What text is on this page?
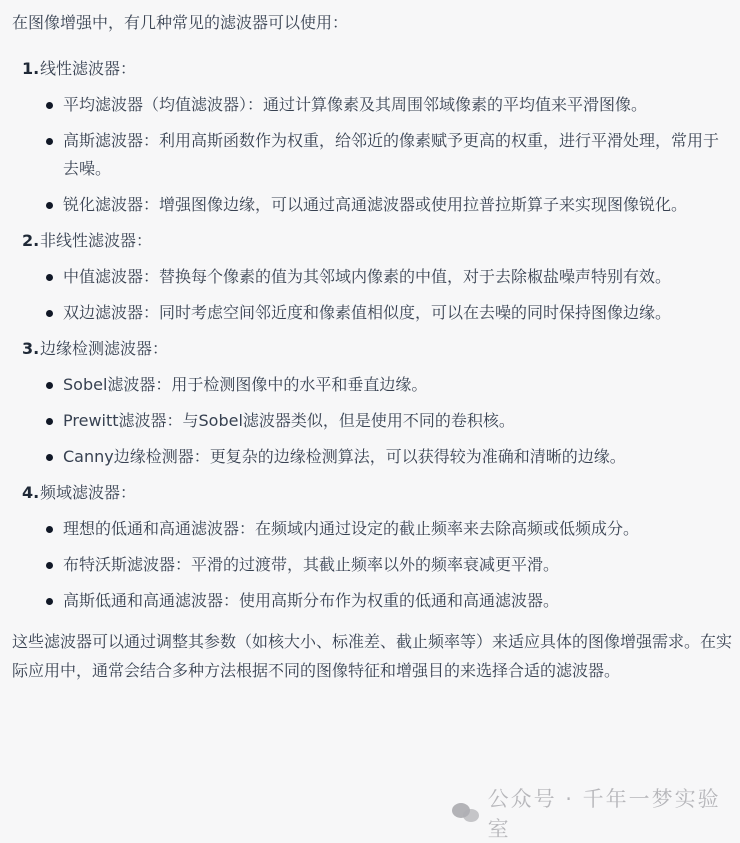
在图像增强中，有几种常见的滤波器可以使用：

1. 线性滤波器：
平均滤波器（均值滤波器）：通过计算像素及其周围邻域像素的平均值来平滑图像。
高斯滤波器：利用高斯函数作为权重，给邻近的像素赋予更高的权重，进行平滑处理，常用于去噪。
锐化滤波器：增强图像边缘，可以通过高通滤波器或使用拉普拉斯算子来实现图像锐化。
2. 非线性滤波器：
中值滤波器：替换每个像素的值为其邻域内像素的中值，对于去除椒盐噪声特别有效。
双边滤波器：同时考虑空间邻近度和像素值相似度，可以在去噪的同时保持图像边缘。
3. 边缘检测滤波器：
Sobel滤波器：用于检测图像中的水平和垂直边缘。
Prewitt滤波器：与Sobel滤波器类似，但是使用不同的卷积核。
Canny边缘检测器：更复杂的边缘检测算法，可以获得较为准确和清晰的边缘。
4. 频域滤波器：
理想的低通和高通滤波器：在频域内通过设定的截止频率来去除高频或低频成分。
布特沃斯滤波器：平滑的过渡带，其截止频率以外的频率衰减更平滑。
高斯低通和高通滤波器：使用高斯分布作为权重的低通和高通滤波器。

这些滤波器可以通过调整其参数（如核大小、标准差、截止频率等）来适应具体的图像增强需求。在实际应用中，通常会结合多种方法根据不同的图像特征和增强目的来选择合适的滤波器。

公众号 · 千年一梦实验室
